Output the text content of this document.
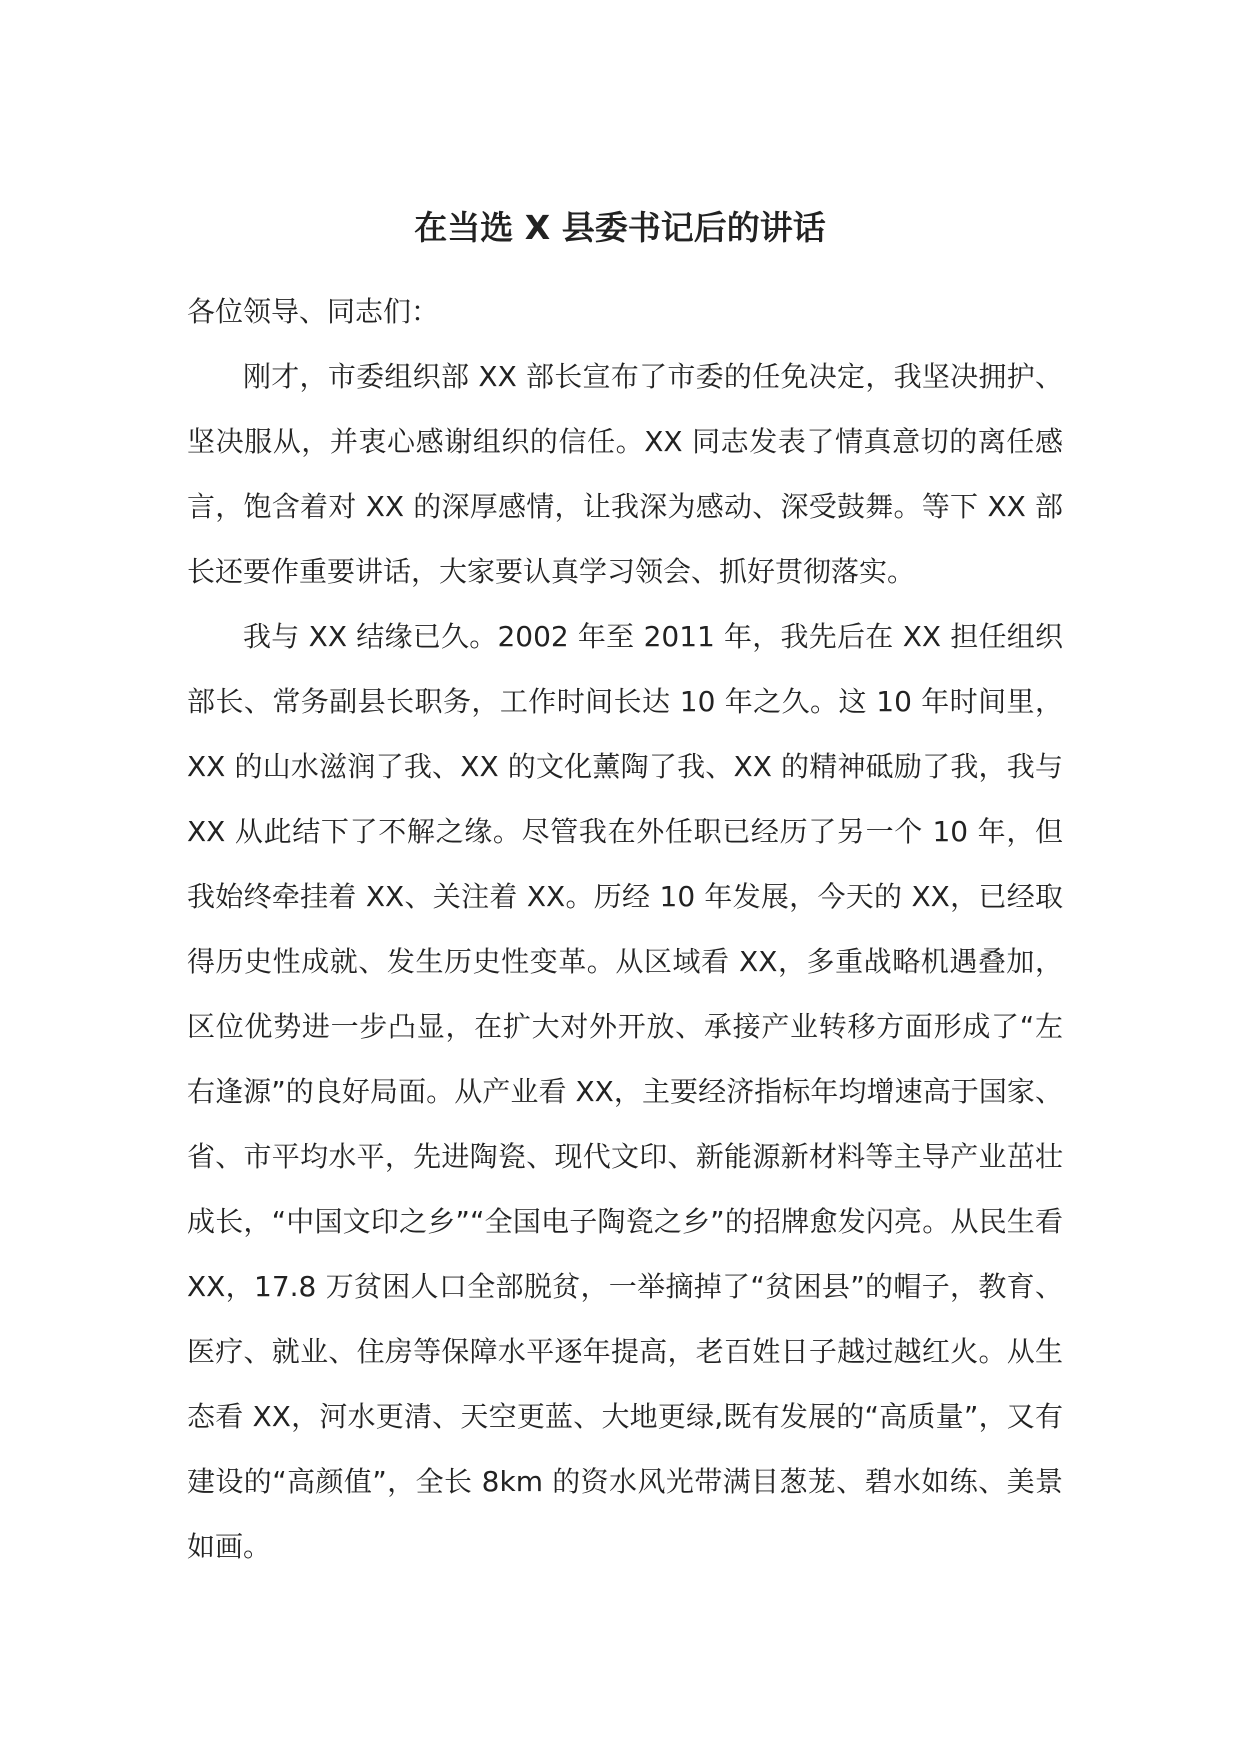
在当选 X 县委书记后的讲话

各位领导、同志们：

刚才，市委组织部 XX 部长宣布了市委的任免决定，我坚决拥护、坚决服从，并衷心感谢组织的信任。XX 同志发表了情真意切的离任感言，饱含着对 XX 的深厚感情，让我深为感动、深受鼓舞。等下 XX 部长还要作重要讲话，大家要认真学习领会、抓好贯彻落实。

我与 XX 结缘已久。2002 年至 2011 年，我先后在 XX 担任组织部长、常务副县长职务，工作时间长达 10 年之久。这 10 年时间里，XX 的山水滋润了我、XX 的文化薰陶了我、XX 的精神砥励了我，我与 XX 从此结下了不解之缘。尽管我在外任职已经历了另一个 10 年，但我始终牵挂着 XX、关注着 XX。历经 10 年发展，今天的 XX，已经取得历史性成就、发生历史性变革。从区域看 XX，多重战略机遇叠加，区位优势进一步凸显，在扩大对外开放、承接产业转移方面形成了“左右逢源”的良好局面。从产业看 XX，主要经济指标年均增速高于国家、省、市平均水平，先进陶瓷、现代文印、新能源新材料等主导产业茁壮成长，“中国文印之乡”“全国电子陶瓷之乡”的招牌愈发闪亮。从民生看 XX，17.8 万贫困人口全部脱贫，一举摘掉了“贫困县”的帽子，教育、医疗、就业、住房等保障水平逐年提高，老百姓日子越过越红火。从生态看 XX，河水更清、天空更蓝、大地更绿,既有发展的“高质量”，又有建设的“高颜值”，全长 8km 的资水风光带满目葱茏、碧水如练、美景如画。
